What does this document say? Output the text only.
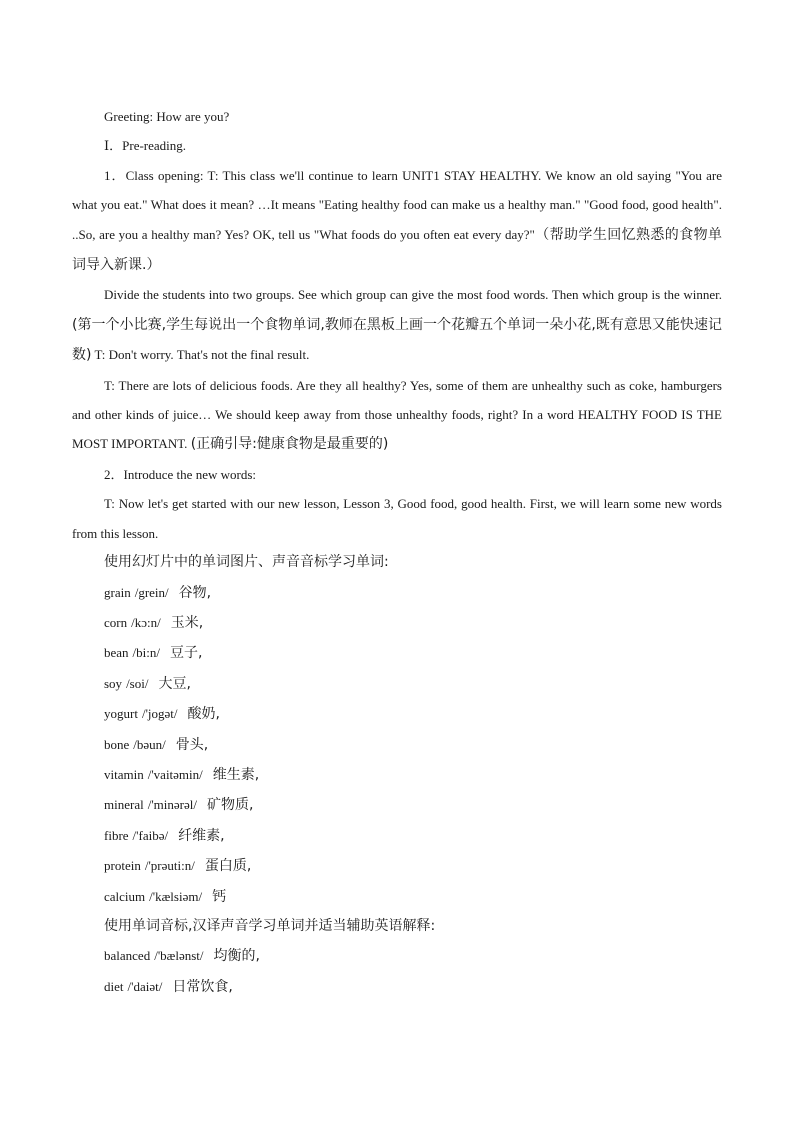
Greeting: How are you?

Ⅰ．Pre-reading.

1．Class opening: T: This class we'll continue to learn UNIT1 STAY HEALTHY. We know an old saying "You are what you eat." What does it mean? …It means "Eating healthy food can make us a healthy man." "Good food, good health". ..So, are you a healthy man? Yes? OK, tell us "What foods do you often eat every day?"（帮助学生回忆熟悉的食物单词导入新课.）

Divide the students into two groups. See which group can give the most food words. Then which group is the winner. (第一个小比赛,学生每说出一个食物单词,教师在黑板上画一个花瓣五个单词一朵小花,既有意思又能快速记数) T: Don't worry. That's not the final result.

T: There are lots of delicious foods. Are they all healthy? Yes, some of them are unhealthy such as coke, hamburgers and other kinds of juice… We should keep away from those unhealthy foods, right? In a word HEALTHY FOOD IS THE MOST IMPORTANT. (正确引导:健康食物是最重要的)

2．Introduce the new words:

T: Now let's get started with our new lesson, Lesson 3, Good food, good health. First, we will learn some new words from this lesson.

使用幻灯片中的单词图片、声音音标学习单词:

grain /grein/ 谷物,

corn /kɔ:n/ 玉米,

bean /bi:n/ 豆子,

soy /soi/ 大豆,

yogurt /'jogət/ 酸奶,

bone /bəun/ 骨头,

vitamin /'vaitəmin/ 维生素,

mineral /'minərəl/ 矿物质,

fibre /'faibə/ 纤维素,

protein /'prəuti:n/ 蛋白质,

calcium /'kælsiəm/ 钙

使用单词音标,汉译声音学习单词并适当辅助英语解释:

balanced /'bælənst/ 均衡的,

diet /'daiət/ 日常饮食,
